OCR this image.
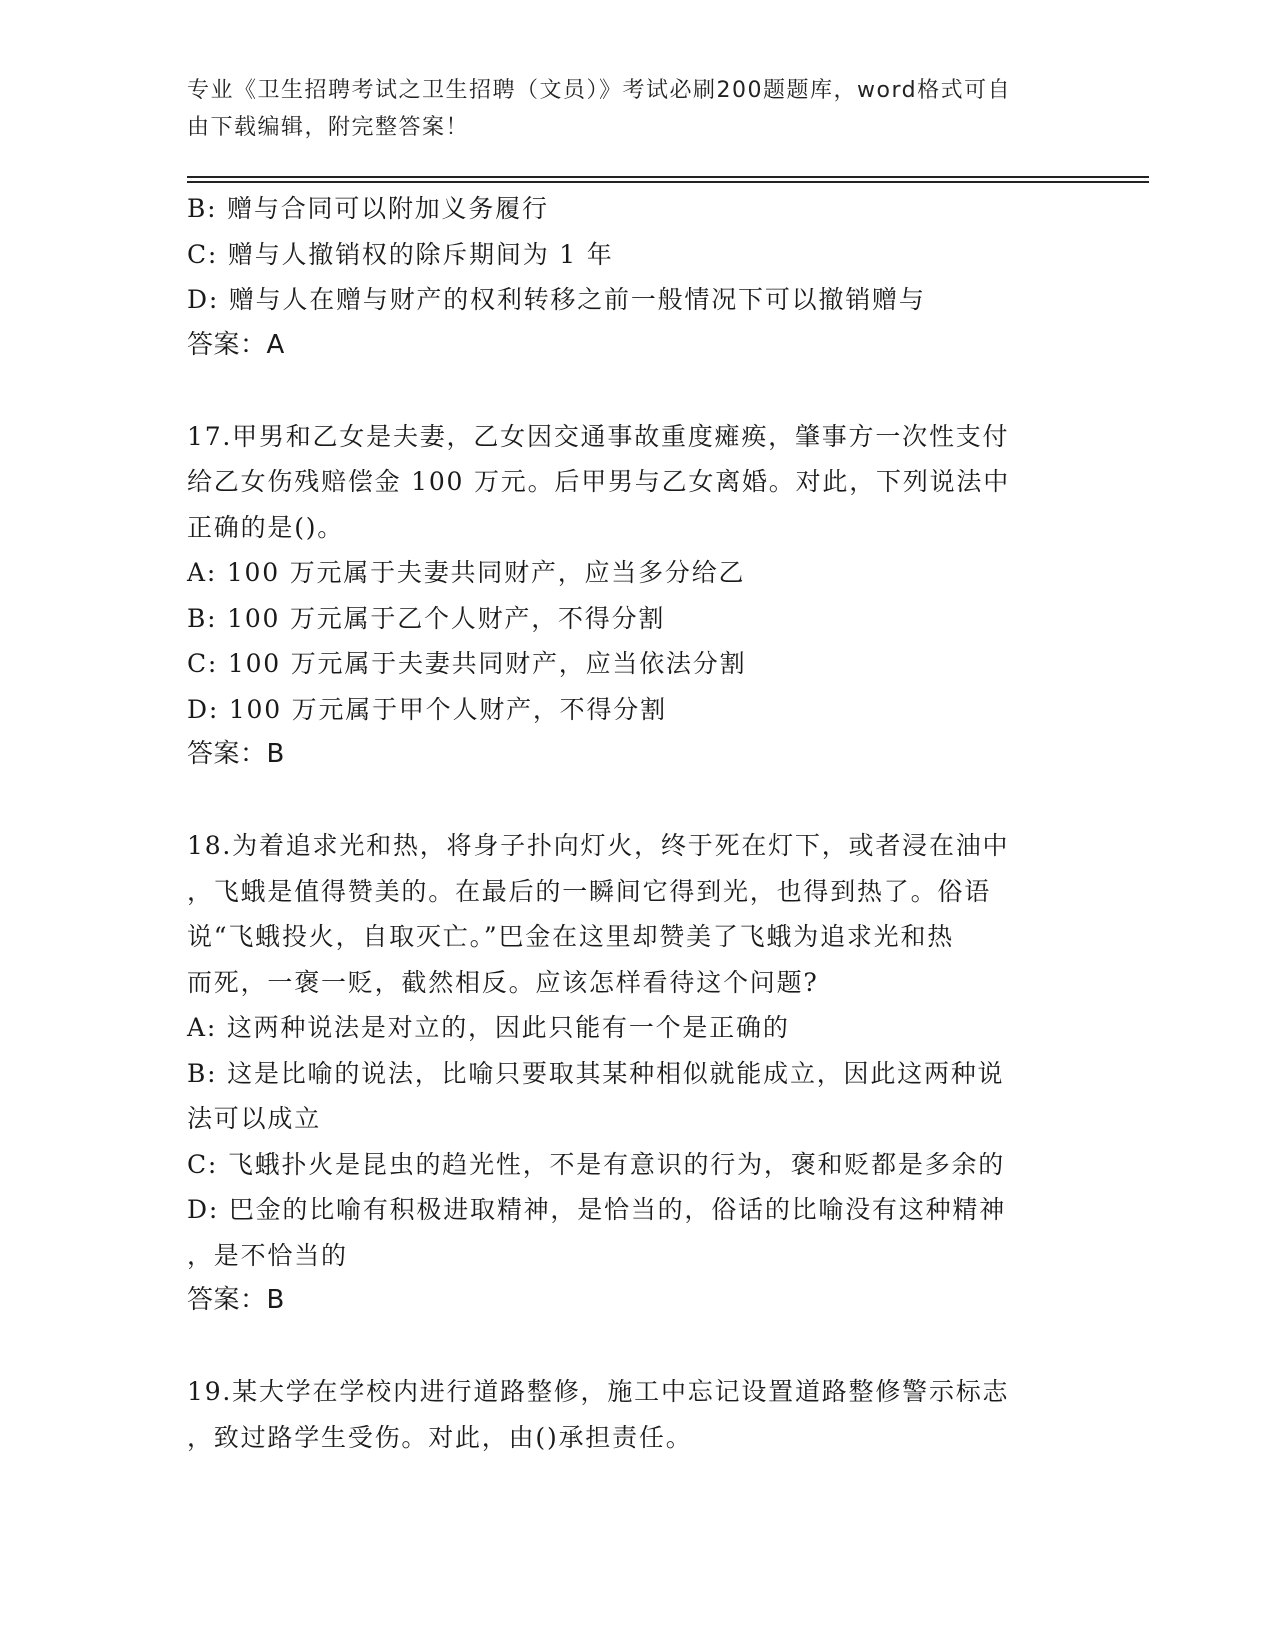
专业《卫生招聘考试之卫生招聘（文员）》考试必刷200题题库，word格式可自
由下载编辑，附完整答案！
B: 赠与合同可以附加义务履行
C: 赠与人撤销权的除斥期间为 1 年
D: 赠与人在赠与财产的权利转移之前一般情况下可以撤销赠与
答案：A
17.甲男和乙女是夫妻，乙女因交通事故重度瘫痪，肇事方一次性支付
给乙女伤残赔偿金 100 万元。后甲男与乙女离婚。对此，下列说法中
正确的是()。
A: 100 万元属于夫妻共同财产，应当多分给乙
B: 100 万元属于乙个人财产，不得分割
C: 100 万元属于夫妻共同财产，应当依法分割
D: 100 万元属于甲个人财产，不得分割
答案：B
18.为着追求光和热，将身子扑向灯火，终于死在灯下，或者浸在油中
，飞蛾是值得赞美的。在最后的一瞬间它得到光，也得到热了。俗语
说“飞蛾投火，自取灭亡。”巴金在这里却赞美了飞蛾为追求光和热
而死，一褒一贬，截然相反。应该怎样看待这个问题?
A: 这两种说法是对立的，因此只能有一个是正确的
B: 这是比喻的说法，比喻只要取其某种相似就能成立，因此这两种说
法可以成立
C: 飞蛾扑火是昆虫的趋光性，不是有意识的行为，褒和贬都是多余的
D: 巴金的比喻有积极进取精神，是恰当的，俗话的比喻没有这种精神
，是不恰当的
答案：B
19.某大学在学校内进行道路整修，施工中忘记设置道路整修警示标志
，致过路学生受伤。对此，由()承担责任。
